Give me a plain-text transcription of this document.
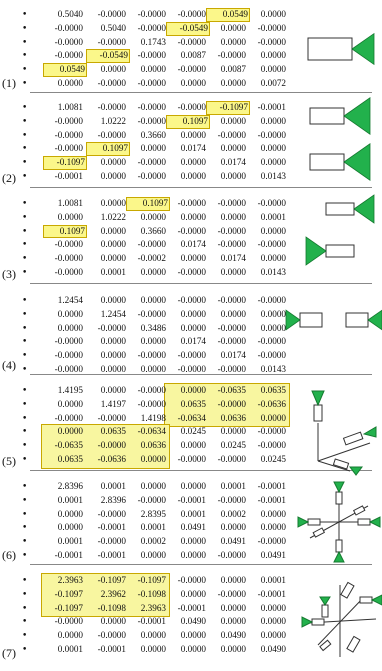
•	0.5040	-0.0000	-0.0000	-0.0000	0.0549	0.0000
•	-0.0000	0.5040	-0.0000	-0.0549	0.0000	-0.0000
•	-0.0000	-0.0000	0.1743	-0.0000	0.0000	-0.0000
•	-0.0000	-0.0549	-0.0000	0.0087	-0.0000	0.0000
•	0.0549	0.0000	0.0000	-0.0000	0.0087	0.0000
•	0.0000	-0.0000	-0.0000	0.0000	0.0000	0.0072
(1)
•	1.0081	-0.0000	-0.0000	-0.0000	-0.1097	-0.0001
•	-0.0000	1.0222	-0.0000	0.1097	0.0000	0.0000
•	-0.0000	-0.0000	0.3660	0.0000	-0.0000	-0.0000
•	-0.0000	0.1097	0.0000	0.0174	0.0000	0.0000
•	-0.1097	0.0000	-0.0000	0.0000	0.0174	0.0000
•	-0.0001	0.0000	-0.0000	0.0000	0.0000	0.0143
(2)
•	1.0081	0.0000	0.1097	-0.0000	-0.0000	-0.0000
•	0.0000	1.0222	0.0000	0.0000	0.0000	0.0001
•	0.1097	0.0000	0.3660	-0.0000	-0.0000	0.0000
•	-0.0000	0.0000	-0.0000	0.0174	-0.0000	-0.0000
•	-0.0000	0.0000	-0.0002	0.0000	0.0174	0.0000
•	-0.0000	0.0001	0.0000	-0.0000	0.0000	0.0143
(3)
•	1.2454	0.0000	0.0000	-0.0000	-0.0000	-0.0000
•	0.0000	1.2454	-0.0000	0.0000	0.0000	0.0000
•	0.0000	-0.0000	0.3486	0.0000	-0.0000	0.0000
•	-0.0000	0.0000	0.0000	0.0174	-0.0000	-0.0000
•	-0.0000	0.0000	-0.0000	-0.0000	0.0174	-0.0000
•	-0.0000	0.0000	0.0000	-0.0000	-0.0000	0.0143
(4)
•	1.4195	0.0000	-0.0000	0.0000	-0.0635	0.0635
•	0.0000	1.4197	-0.0000	0.0635	-0.0000	-0.0636
•	-0.0000	-0.0000	1.4198	-0.0634	0.0636	0.0000
•	0.0000	0.0635	-0.0634	0.0245	0.0000	-0.0000
•	-0.0635	-0.0000	0.0636	0.0000	0.0245	-0.0000
•	0.0635	-0.0636	0.0000	-0.0000	-0.0000	0.0245
(5)
•	2.8396	0.0001	0.0000	0.0000	0.0001	-0.0001
•	0.0001	2.8396	-0.0000	-0.0001	-0.0000	-0.0001
•	0.0000	-0.0000	2.8395	0.0001	0.0002	0.0000
•	0.0000	-0.0001	0.0001	0.0491	0.0000	0.0000
•	0.0001	-0.0000	0.0002	0.0000	0.0491	-0.0000
•	-0.0001	-0.0001	0.0000	0.0000	-0.0000	0.0491
(6)
•	2.3963	-0.1097	-0.1097	-0.0000	0.0000	0.0001
•	-0.1097	2.3962	-0.1098	0.0000	-0.0000	-0.0001
•	-0.1097	-0.1098	2.3963	-0.0001	0.0000	0.0000
•	-0.0000	0.0000	-0.0001	0.0490	0.0000	0.0000
•	0.0000	-0.0000	0.0000	0.0000	0.0490	0.0000
•	0.0001	-0.0001	0.0000	0.0000	0.0000	0.0490
(7)
